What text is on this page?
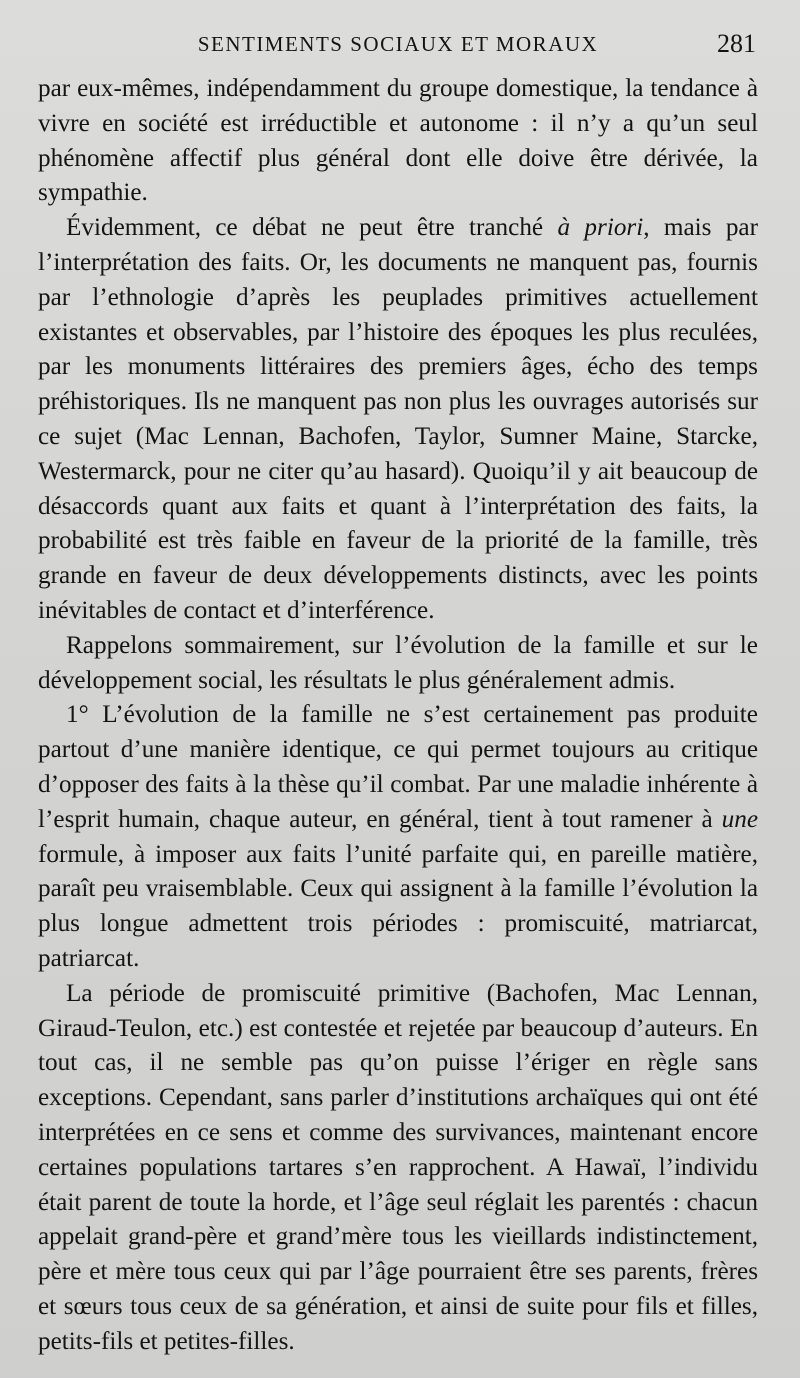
SENTIMENTS SOCIAUX ET MORAUX	281

par eux-mêmes, indépendamment du groupe domestique, la tendance à vivre en société est irréductible et autonome : il n’y a qu’un seul phénomène affectif plus général dont elle doive être dérivée, la sympathie.

Évidemment, ce débat ne peut être tranché à priori, mais par l’interprétation des faits. Or, les documents ne manquent pas, fournis par l’ethnologie d’après les peuplades primitives actuellement existantes et observables, par l’histoire des époques les plus reculées, par les monuments littéraires des premiers âges, écho des temps préhistoriques. Ils ne manquent pas non plus les ouvrages autorisés sur ce sujet (Mac Lennan, Bachofen, Taylor, Sumner Maine, Starcke, Westermarck, pour ne citer qu’au hasard). Quoiqu’il y ait beaucoup de désaccords quant aux faits et quant à l’interprétation des faits, la probabilité est très faible en faveur de la priorité de la famille, très grande en faveur de deux développements distincts, avec les points inévitables de contact et d’interférence.

Rappelons sommairement, sur l’évolution de la famille et sur le développement social, les résultats le plus généralement admis.

1° L’évolution de la famille ne s’est certainement pas produite partout d’une manière identique, ce qui permet toujours au critique d’opposer des faits à la thèse qu’il combat. Par une maladie inhérente à l’esprit humain, chaque auteur, en général, tient à tout ramener à une formule, à imposer aux faits l’unité parfaite qui, en pareille matière, paraît peu vraisemblable. Ceux qui assignent à la famille l’évolution la plus longue admettent trois périodes : promiscuité, matriarcat, patriarcat.

La période de promiscuité primitive (Bachofen, Mac Lennan, Giraud-Teulon, etc.) est contestée et rejetée par beaucoup d’auteurs. En tout cas, il ne semble pas qu’on puisse l’ériger en règle sans exceptions. Cependant, sans parler d’institutions archaïques qui ont été interprétées en ce sens et comme des survivances, maintenant encore certaines populations tartares s’en rapprochent. A Hawaï, l’individu était parent de toute la horde, et l’âge seul réglait les parentés : chacun appelait grand-père et grand’mère tous les vieillards indistinctement, père et mère tous ceux qui par l’âge pourraient être ses parents, frères et sœurs tous ceux de sa génération, et ainsi de suite pour fils et filles, petits-fils et petites-filles.
